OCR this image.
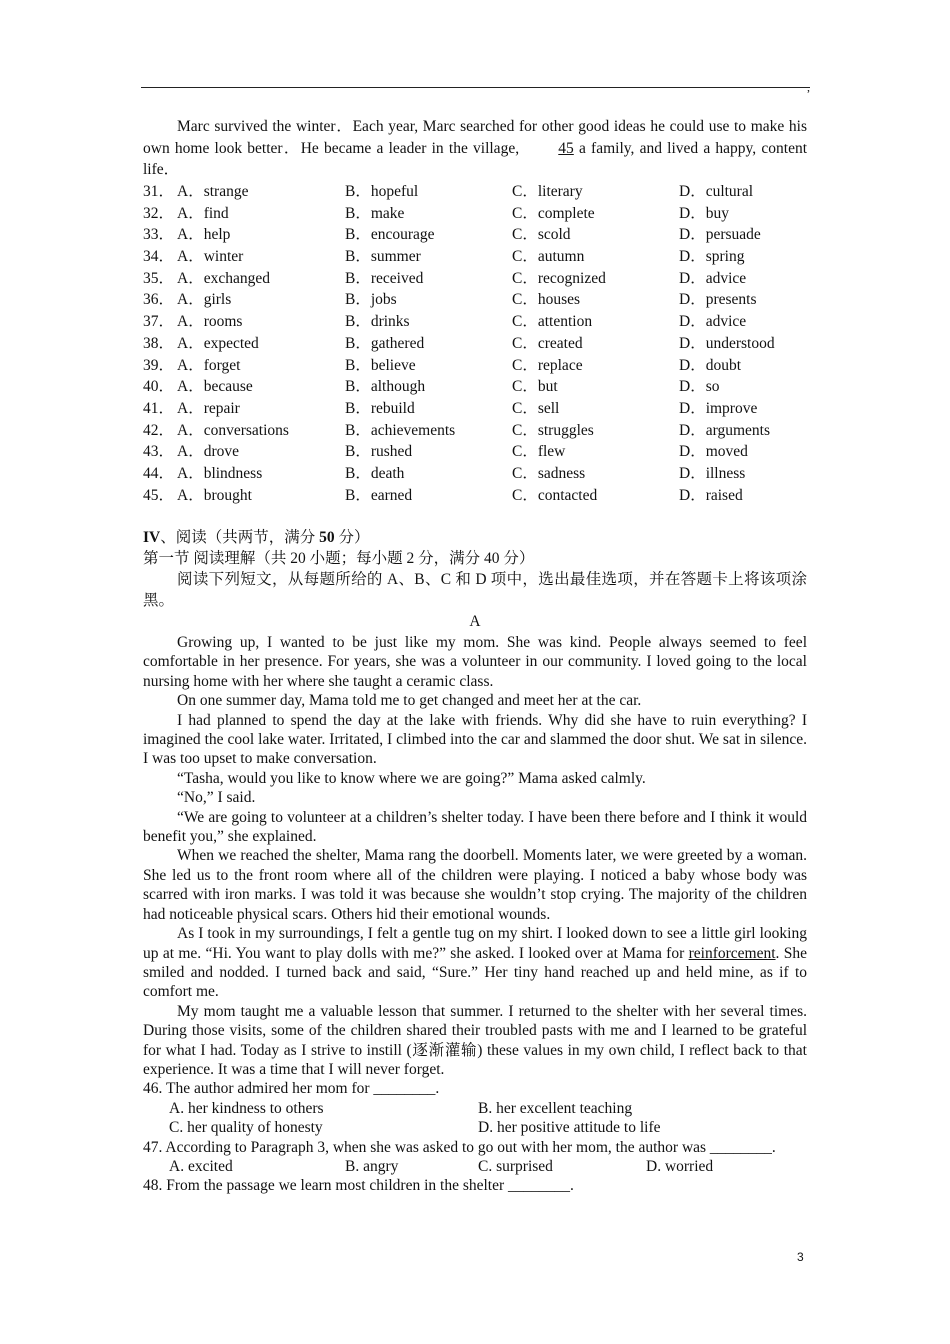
,

Marc survived the winter．Each year, Marc searched for other good ideas he could use to make his own home look better．He became a leader in the village,	45 a family, and lived a happy, content life．

31． A．strange	B．hopeful	C．literary	D．cultural
32． A．find	B．make	C．complete	D．buy
33． A．help	B．encourage	C．scold	D．persuade
34． A．winter	B．summer	C．autumn	D．spring
35． A．exchanged	B．received	C．recognized	D．advice
36． A．girls	B．jobs	C．houses	D．presents
37． A．rooms	B．drinks	C．attention	D．advice
38． A．expected	B．gathered	C．created	D．understood
39． A．forget	B．believe	C．replace	D．doubt
40． A．because	B．although	C．but	D．so
41． A．repair	B．rebuild	C．sell	D．improve
42． A．conversations	B．achievements	C．struggles	D．arguments
43． A．drove	B．rushed	C．flew	D．moved
44． A．blindness	B．death	C．sadness	D．illness
45． A．brought	B．earned	C．contacted	D．raised

IV、阅读（共两节，满分 50 分）

第一节 阅读理解（共 20 小题；每小题 2 分，满分 40 分）

阅读下列短文，从每题所给的 A、B、C 和 D 项中，选出最佳选项，并在答题卡上将该项涂黑。

A

Growing up, I wanted to be just like my mom. She was kind. People always seemed to feel comfortable in her presence. For years, she was a volunteer in our community. I loved going to the local nursing home with her where she taught a ceramic class.

On one summer day, Mama told me to get changed and meet her at the car.

I had planned to spend the day at the lake with friends. Why did she have to ruin everything? I imagined the cool lake water. Irritated, I climbed into the car and slammed the door shut. We sat in silence. I was too upset to make conversation.

“Tasha, would you like to know where we are going?” Mama asked calmly.

“No,” I said.

“We are going to volunteer at a children’s shelter today. I have been there before and I think it would benefit you,” she explained.

When we reached the shelter, Mama rang the doorbell. Moments later, we were greeted by a woman. She led us to the front room where all of the children were playing. I noticed a baby whose body was scarred with iron marks. I was told it was because she wouldn’t stop crying. The majority of the children had noticeable physical scars. Others hid their emotional wounds.

As I took in my surroundings, I felt a gentle tug on my shirt. I looked down to see a little girl looking up at me. “Hi. You want to play dolls with me?” she asked. I looked over at Mama for reinforcement. She smiled and nodded. I turned back and said, “Sure.” Her tiny hand reached up and held mine, as if to comfort me.

My mom taught me a valuable lesson that summer. I returned to the shelter with her several times. During those visits, some of the children shared their troubled pasts with me and I learned to be grateful for what I had. Today as I strive to instill (逐渐灌输) these values in my own child, I reflect back to that experience. It was a time that I will never forget.

46. The author admired her mom for ________.

A. her kindness to others	B. her excellent teaching
C. her quality of honesty	D. her positive attitude to life

47. According to Paragraph 3, when she was asked to go out with her mom, the author was ________.

A. excited	B. angry	C. surprised	D. worried

48. From the passage we learn most children in the shelter ________.

3
